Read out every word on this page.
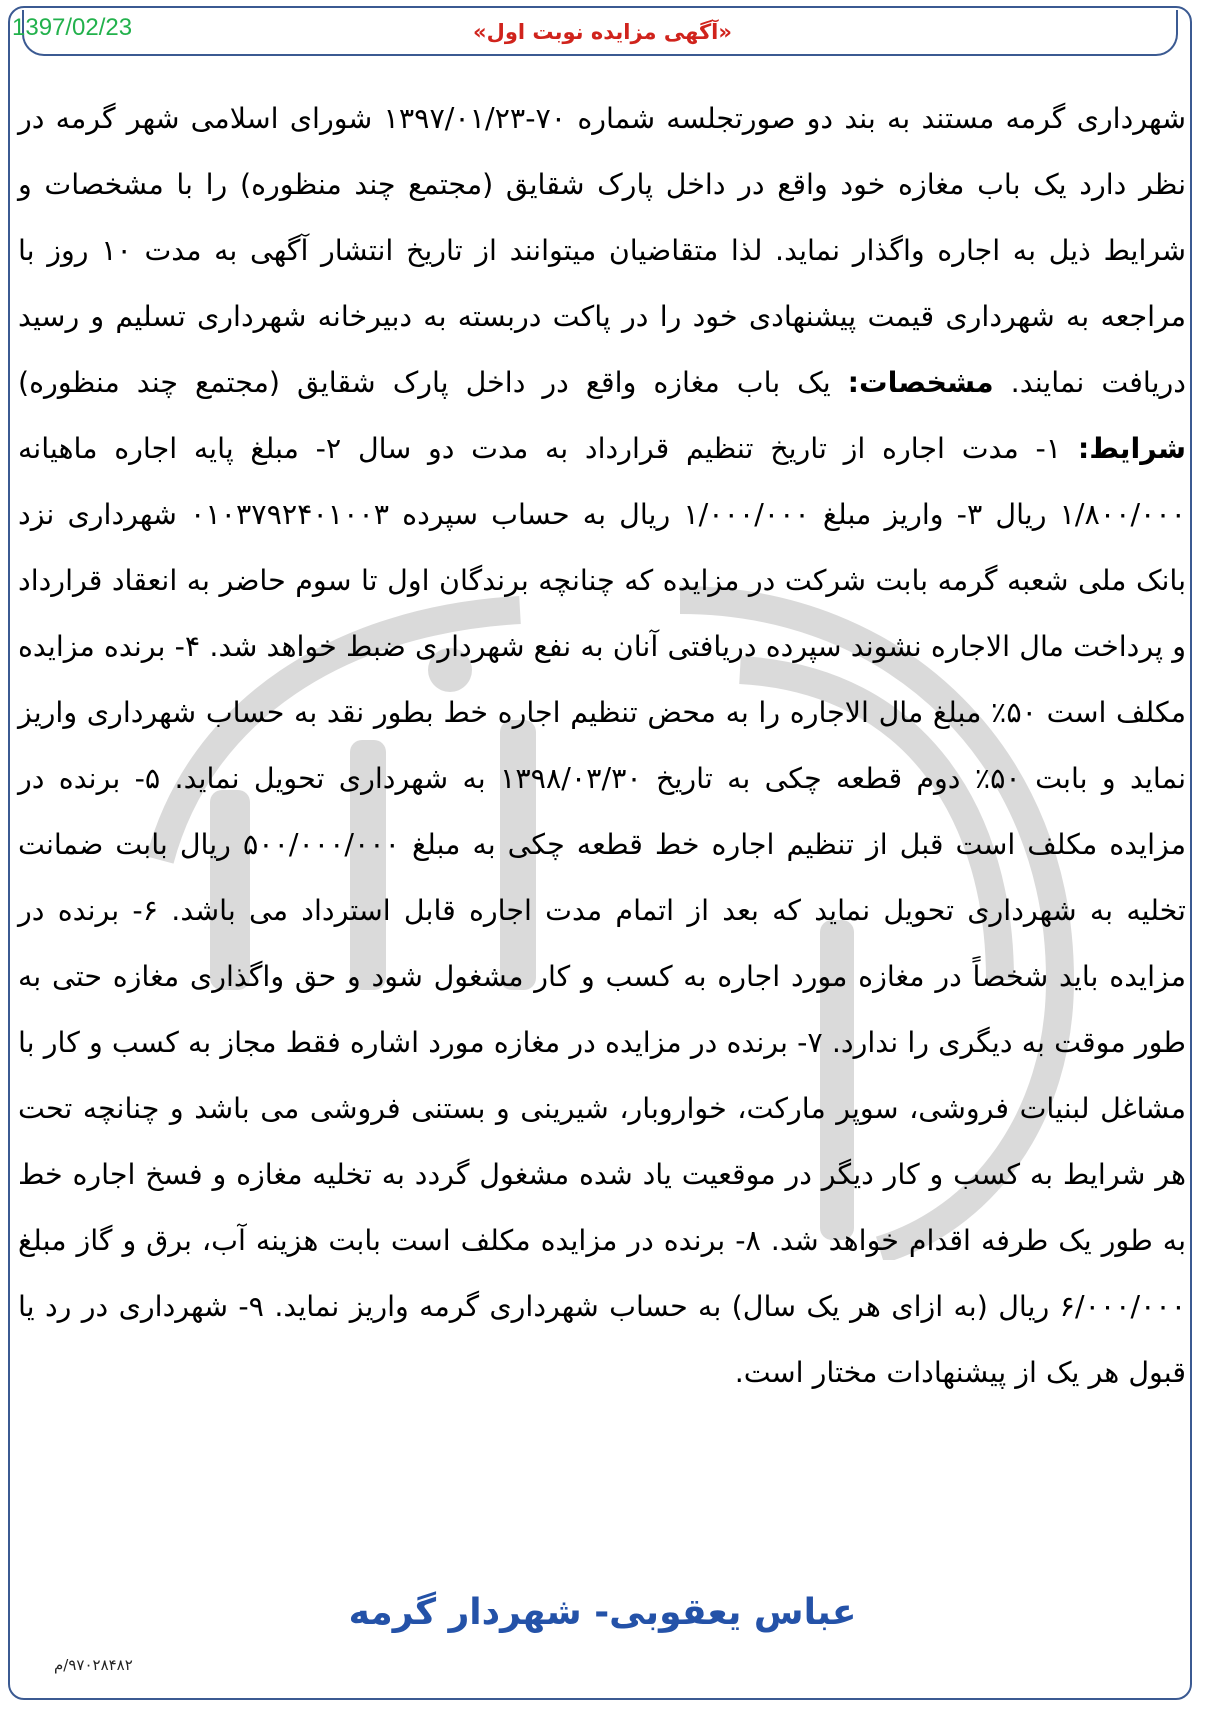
1397/02/23	«آگهی مزایده نوبت اول»
شهرداری گرمه مستند به بند دو صورتجلسه شماره ۷۰-۱۳۹۷/۰۱/۲۳ شورای اسلامی شهر گرمه در نظر دارد یک باب مغازه خود واقع در داخل پارک شقایق (مجتمع چند منظوره) را با مشخصات و شرایط ذیل به اجاره واگذار نماید. لذا متقاضیان میتوانند از تاریخ انتشار آگهی به مدت ۱۰ روز با مراجعه به شهرداری قیمت پیشنهادی خود را در پاکت دربسته به دبیرخانه شهرداری تسلیم و رسید دریافت نمایند. مشخصات: یک باب مغازه واقع در داخل پارک شقایق (مجتمع چند منظوره) شرایط: ۱- مدت اجاره از تاریخ تنظیم قرارداد به مدت دو سال ۲- مبلغ پایه اجاره ماهیانه ۱/۸۰۰/۰۰۰ ریال ۳- واریز مبلغ ۱/۰۰۰/۰۰۰ ریال به حساب سپرده ۰۱۰۳۷۹۲۴۰۱۰۰۳ شهرداری نزد بانک ملی شعبه گرمه بابت شرکت در مزایده که چنانچه برندگان اول تا سوم حاضر به انعقاد قرارداد و پرداخت مال الاجاره نشوند سپرده دریافتی آنان به نفع شهرداری ضبط خواهد شد. ۴- برنده مزایده مکلف است ۵۰٪ مبلغ مال الاجاره را به محض تنظیم اجاره خط بطور نقد به حساب شهرداری واریز نماید و بابت ۵۰٪ دوم قطعه چکی به تاریخ ۱۳۹۸/۰۳/۳۰ به شهرداری تحویل نماید. ۵- برنده در مزایده مکلف است قبل از تنظیم اجاره خط قطعه چکی به مبلغ ۵۰۰/۰۰۰/۰۰۰ ریال بابت ضمانت تخلیه به شهرداری تحویل نماید که بعد از اتمام مدت اجاره قابل استرداد می باشد. ۶- برنده در مزایده باید شخصاً در مغازه مورد اجاره به کسب و کار مشغول شود و حق واگذاری مغازه حتی به طور موقت به دیگری را ندارد. ۷- برنده در مزایده در مغازه مورد اشاره فقط مجاز به کسب و کار با مشاغل لبنیات فروشی، سوپر مارکت، خواروبار، شیرینی و بستنی فروشی می باشد و چنانچه تحت هر شرایط به کسب و کار دیگر در موقعیت یاد شده مشغول گردد به تخلیه مغازه و فسخ اجاره خط به طور یک طرفه اقدام خواهد شد. ۸- برنده در مزایده مکلف است بابت هزینه آب، برق و گاز مبلغ ۶/۰۰۰/۰۰۰ ریال (به ازای هر یک سال) به حساب شهرداری گرمه واریز نماید. ۹- شهرداری در رد یا قبول هر یک از پیشنهادات مختار است.
عباس یعقوبی- شهردار گرمه
۹۷۰۲۸۴۸۲/م
